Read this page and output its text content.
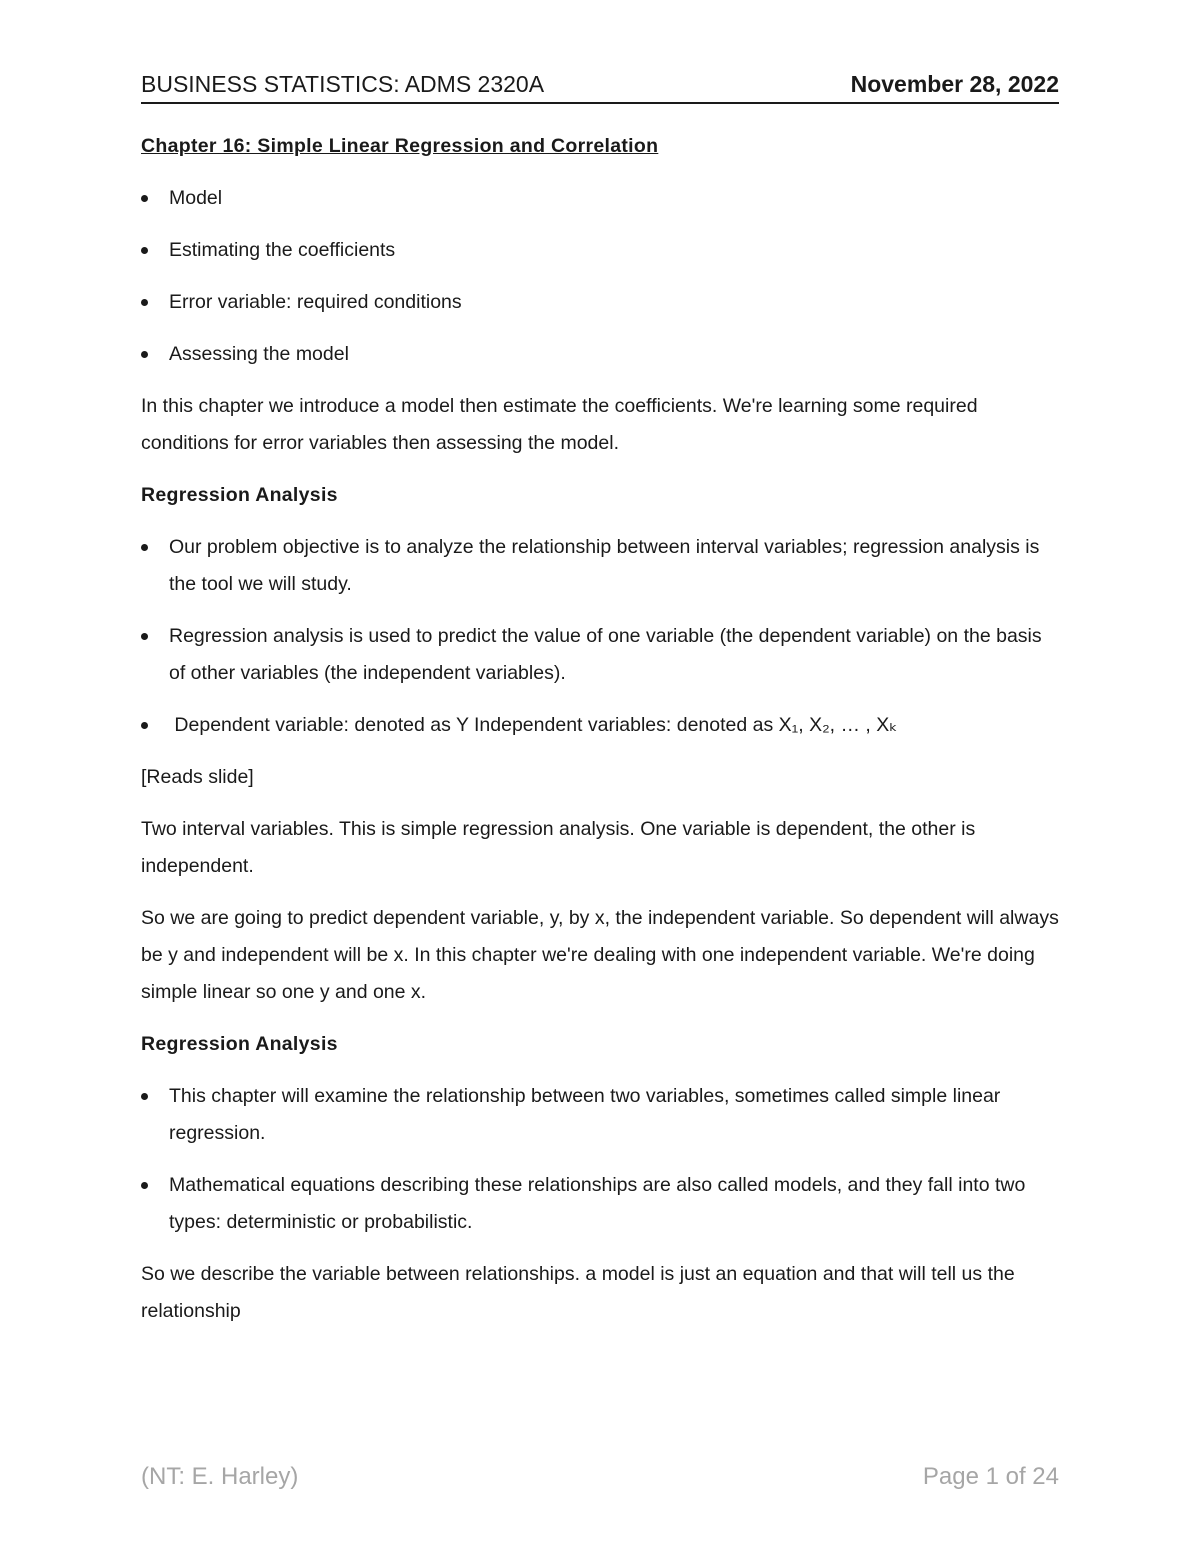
BUSINESS STATISTICS: ADMS 2320A	November 28, 2022

Chapter 16: Simple Linear Regression and Correlation

Model
Estimating the coefficients
Error variable: required conditions
Assessing the model

In this chapter we introduce a model then estimate the coefficients. We're learning some required conditions for error variables then assessing the model.

Regression Analysis

Our problem objective is to analyze the relationship between interval variables; regression analysis is the tool we will study.
Regression analysis is used to predict the value of one variable (the dependent variable) on the basis of other variables (the independent variables).
Dependent variable: denoted as Y Independent variables: denoted as X₁, X₂, … , Xₖ

[Reads slide]

Two interval variables. This is simple regression analysis. One variable is dependent, the other is independent.

So we are going to predict dependent variable, y, by x, the independent variable. So dependent will always be y and independent will be x. In this chapter we're dealing with one independent variable. We're doing simple linear so one y and one x.

Regression Analysis

This chapter will examine the relationship between two variables, sometimes called simple linear regression.
Mathematical equations describing these relationships are also called models, and they fall into two types: deterministic or probabilistic.

So we describe the variable between relationships. a model is just an equation and that will tell us the relationship

(NT: E. Harley)	Page 1 of 24
